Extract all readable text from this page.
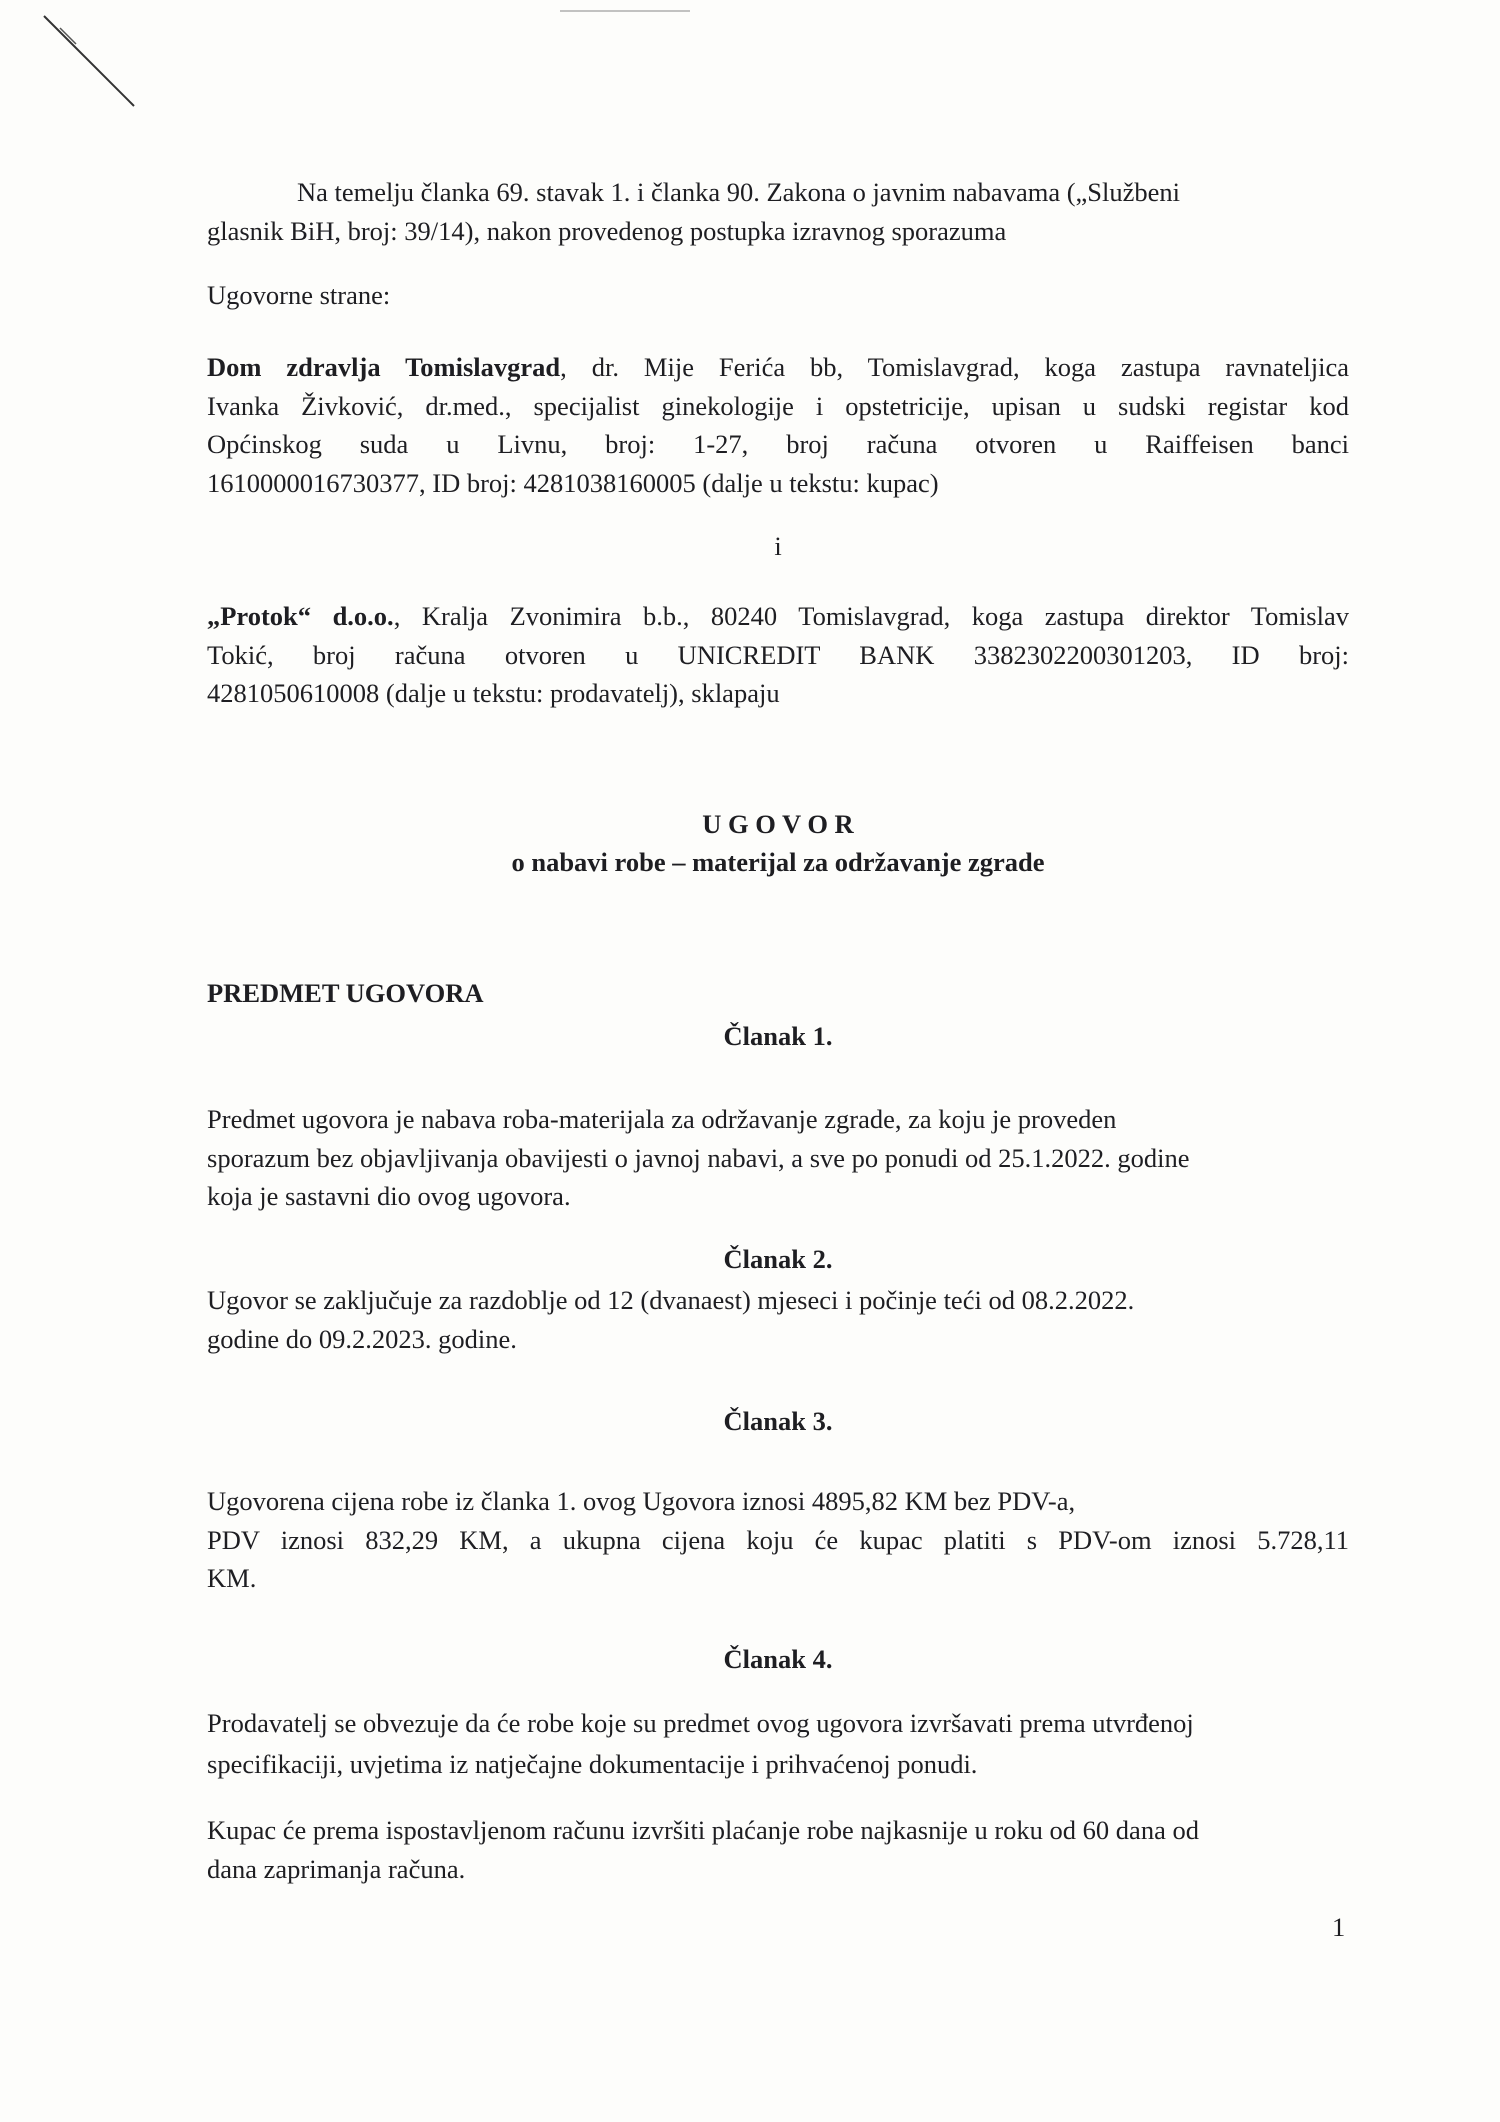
Na temelju članka 69. stavak 1. i članka 90. Zakona o javnim nabavama („Službeni
glasnik BiH, broj: 39/14), nakon provedenog postupka izravnog sporazuma
Ugovorne strane:
Dom zdravlja Tomislavgrad, dr. Mije Ferića bb, Tomislavgrad, koga zastupa ravnateljica
Ivanka Živković, dr.med., specijalist ginekologije i opstetricije, upisan u sudski registar kod
Općinskog suda u Livnu, broj: 1-27, broj računa otvoren u Raiffeisen banci
1610000016730377, ID broj: 4281038160005 (dalje u tekstu: kupac)
i
„Protok“ d.o.o., Kralja Zvonimira b.b., 80240 Tomislavgrad, koga zastupa direktor Tomislav
Tokić, broj računa otvoren u UNICREDIT BANK 3382302200301203, ID broj:
4281050610008 (dalje u tekstu: prodavatelj), sklapaju
U G O V O R
o nabavi robe – materijal za održavanje zgrade
PREDMET UGOVORA
Članak 1.
Predmet ugovora je nabava roba-materijala za održavanje zgrade, za koju je proveden
sporazum bez objavljivanja obavijesti o javnoj nabavi, a sve po ponudi od 25.1.2022. godine
koja je sastavni dio ovog ugovora.
Članak 2.
Ugovor se zaključuje za razdoblje od 12 (dvanaest) mjeseci i počinje teći od 08.2.2022.
godine do 09.2.2023. godine.
Članak 3.
Ugovorena cijena robe iz članka 1. ovog Ugovora iznosi 4895,82 KM bez PDV-a,
PDV iznosi 832,29 KM, a ukupna cijena koju će kupac platiti s PDV-om iznosi 5.728,11
KM.
Članak 4.
Prodavatelj se obvezuje da će robe koje su predmet ovog ugovora izvršavati prema utvrđenoj
specifikaciji, uvjetima iz natječajne dokumentacije i prihvaćenoj ponudi.
Kupac će prema ispostavljenom računu izvršiti plaćanje robe najkasnije u roku od 60 dana od
dana zaprimanja računa.
1
